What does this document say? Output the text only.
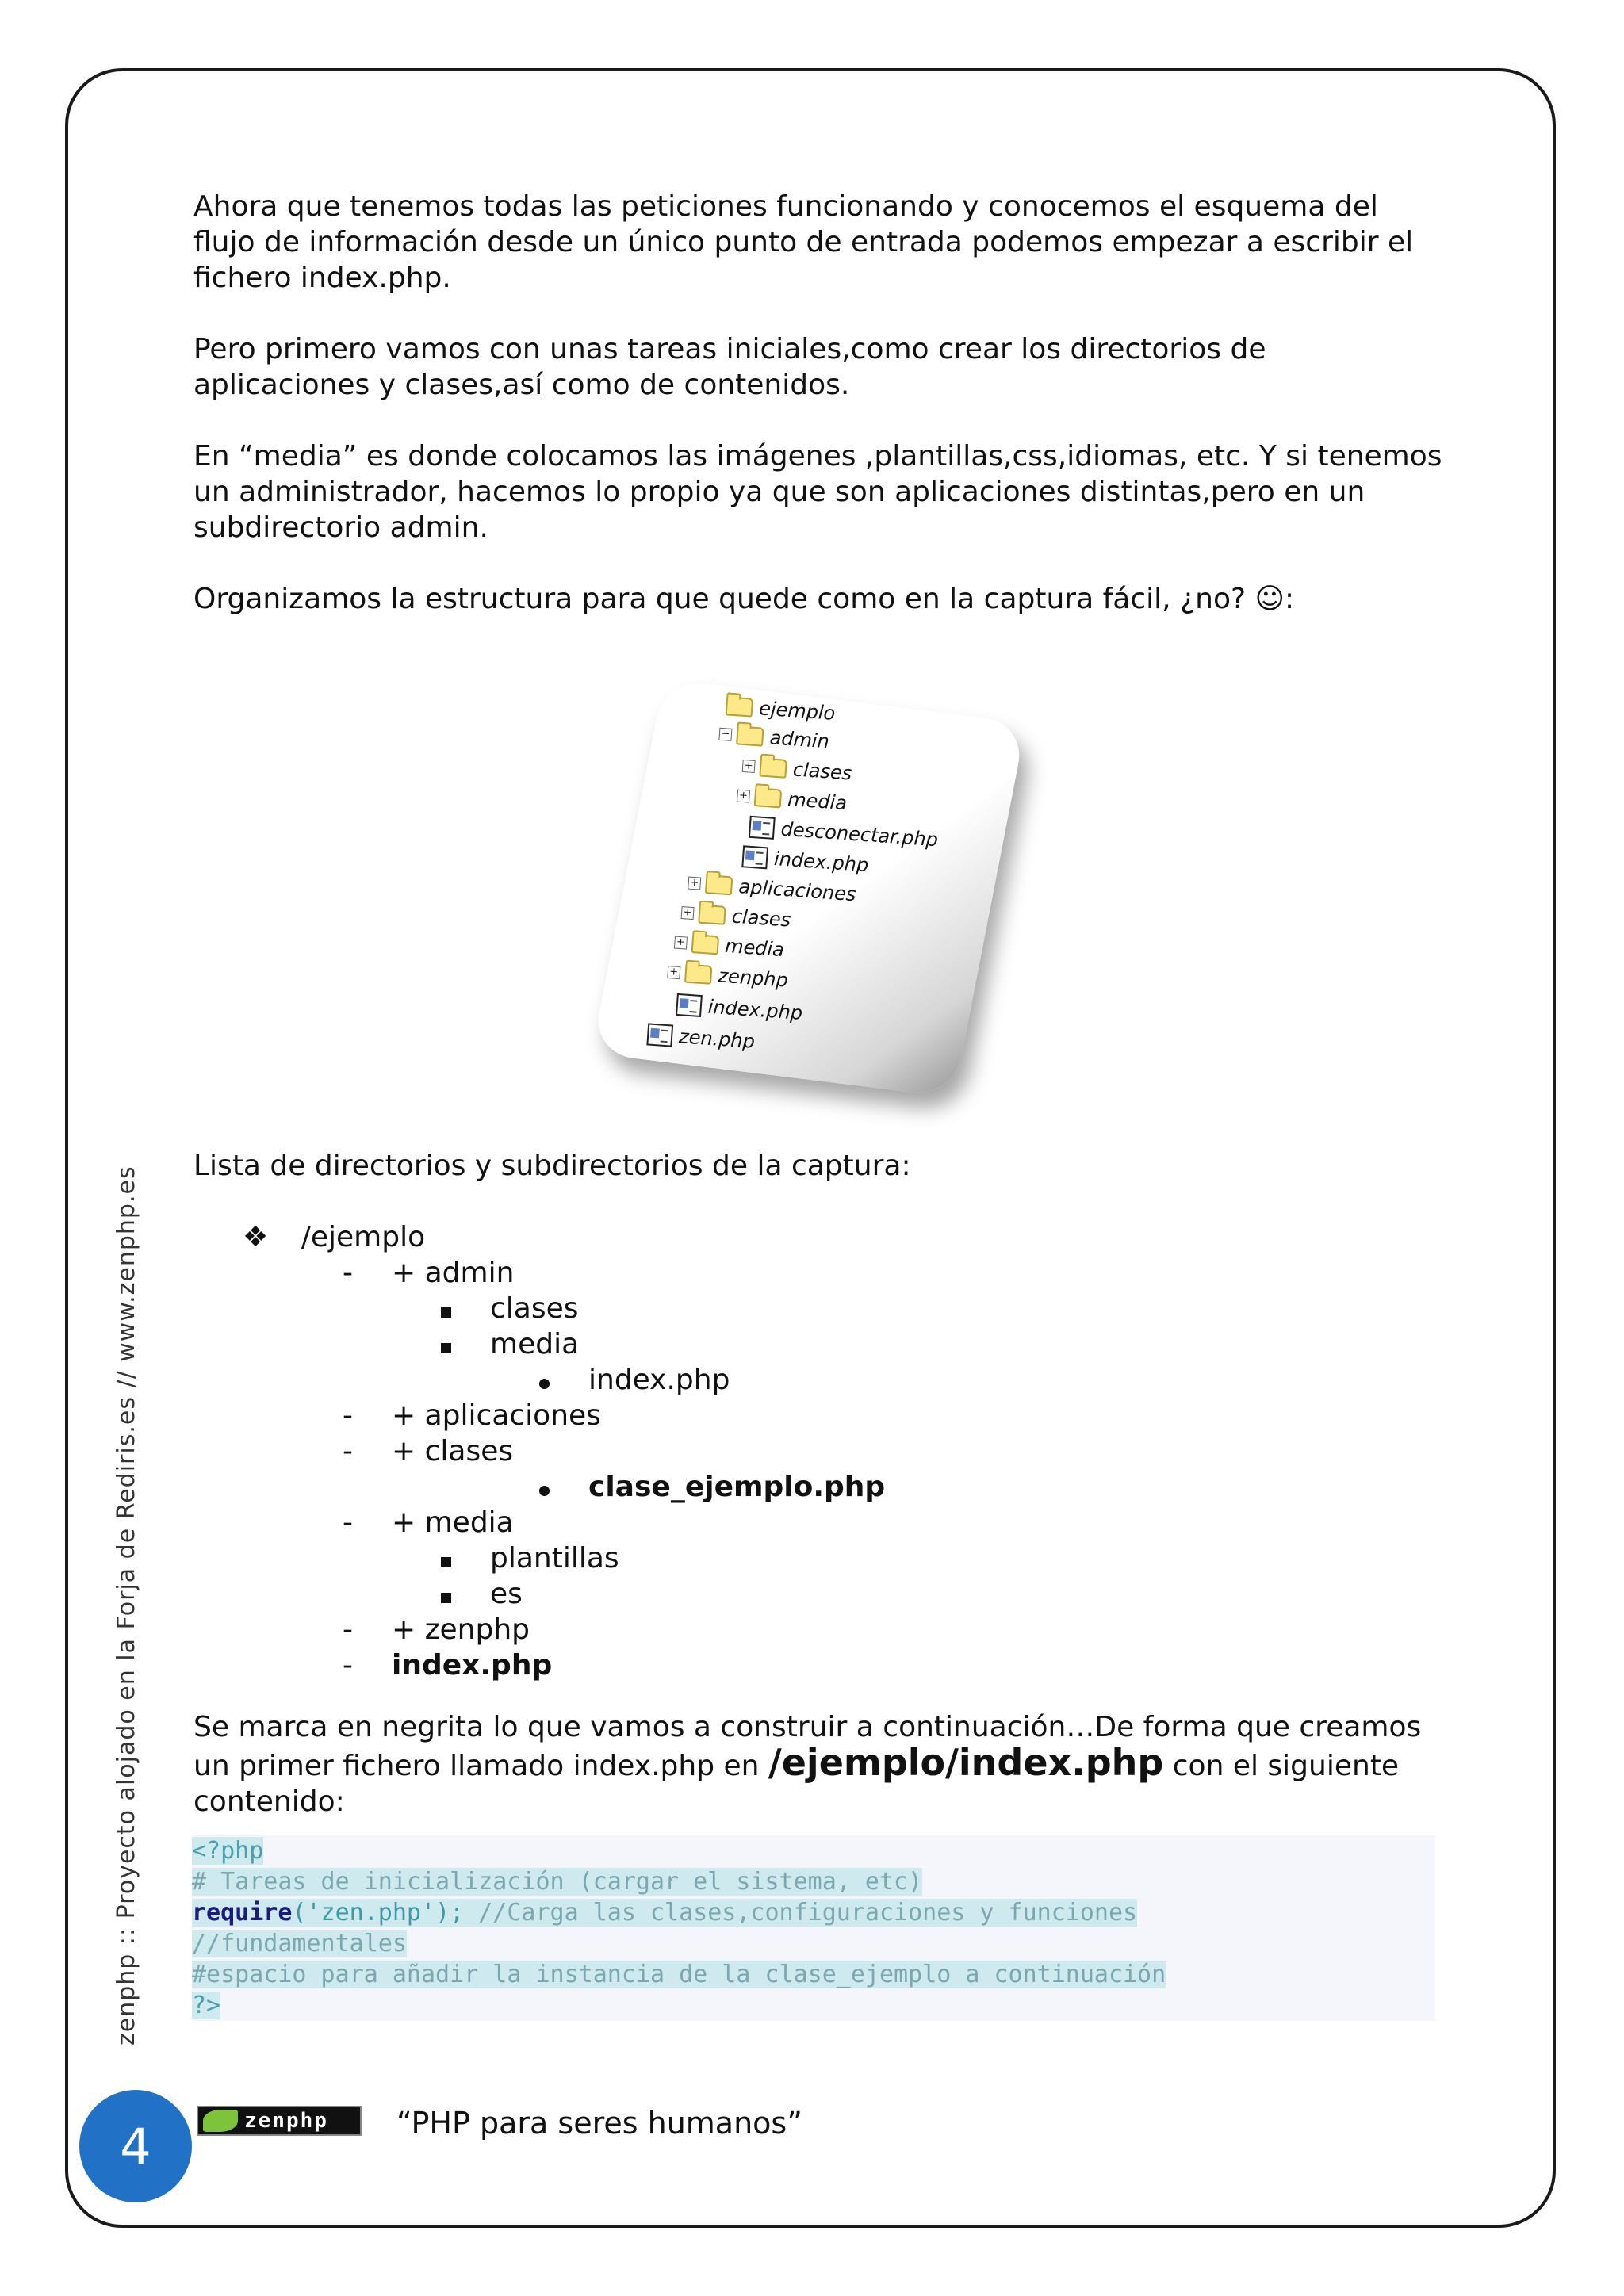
Ahora que tenemos todas las peticiones funcionando y conocemos el esquema del flujo de información desde un único punto de entrada podemos empezar a escribir el fichero index.php.

Pero primero vamos con unas tareas iniciales,como crear los directorios de aplicaciones y clases,así como de contenidos.

En “media” es donde colocamos las imágenes ,plantillas,css,idiomas, etc. Y si tenemos un administrador, hacemos lo propio ya que son aplicaciones distintas,pero en un subdirectorio admin.

Organizamos la estructura para que quede como en la captura fácil, ¿no? ☺:

Lista de directorios y subdirectorios de la captura:

❖ /ejemplo
- + admin
clases
media
index.php
- + aplicaciones
- + clases
clase_ejemplo.php
- + media
plantillas
es
- + zenphp
- index.php

Se marca en negrita lo que vamos a construir a continuación…De forma que creamos un primer fichero llamado index.php en /ejemplo/index.php con el siguiente contenido:

ejemplo
− admin
+ clases
+ media
desconectar.php
index.php
+ aplicaciones
+ clases
+ media
+ zenphp
index.php
zen.php
<?php
# Tareas de inicialización (cargar el sistema, etc)
require('zen.php'); //Carga las clases,configuraciones y funciones
//fundamentales
#espacio para añadir la instancia de la clase_ejemplo a continuación
?>
zenphp :: Proyecto alojado en la Forja de Rediris.es // www.zenphp.es
4	zenphp “PHP para seres humanos”
